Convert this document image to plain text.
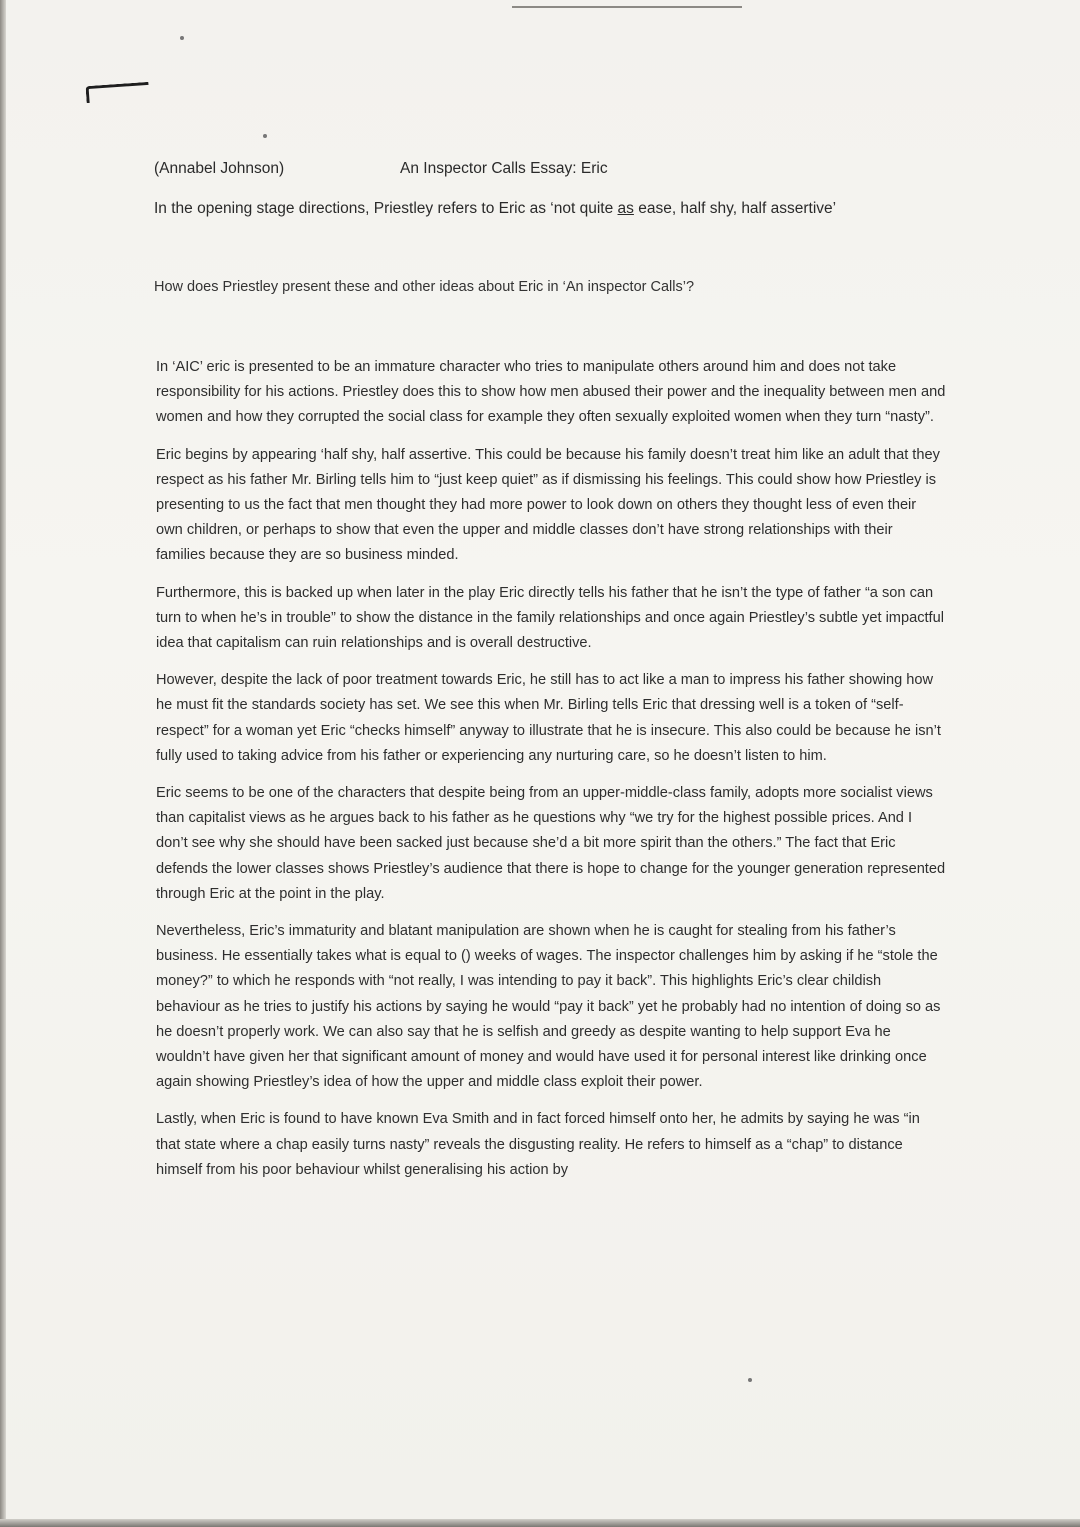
(Annabel Johnson)	An Inspector Calls Essay: Eric
In the opening stage directions, Priestley refers to Eric as ‘not quite as ease, half shy, half assertive’
How does Priestley present these and other ideas about Eric in ‘An inspector Calls’?

In ‘AIC’ eric is presented to be an immature character who tries to manipulate others around him and does not take responsibility for his actions. Priestley does this to show how men abused their power and the inequality between men and women and how they corrupted the social class for example they often sexually exploited women when they turn “nasty”.

Eric begins by appearing ‘half shy, half assertive. This could be because his family doesn’t treat him like an adult that they respect as his father Mr. Birling tells him to “just keep quiet” as if dismissing his feelings. This could show how Priestley is presenting to us the fact that men thought they had more power to look down on others they thought less of even their own children, or perhaps to show that even the upper and middle classes don’t have strong relationships with their families because they are so business minded.

Furthermore, this is backed up when later in the play Eric directly tells his father that he isn’t the type of father “a son can turn to when he’s in trouble” to show the distance in the family relationships and once again Priestley’s subtle yet impactful idea that capitalism can ruin relationships and is overall destructive.

However, despite the lack of poor treatment towards Eric, he still has to act like a man to impress his father showing how he must fit the standards society has set. We see this when Mr. Birling tells Eric that dressing well is a token of “self-respect” for a woman yet Eric “checks himself” anyway to illustrate that he is insecure. This also could be because he isn’t fully used to taking advice from his father or experiencing any nurturing care, so he doesn’t listen to him.

Eric seems to be one of the characters that despite being from an upper-middle-class family, adopts more socialist views than capitalist views as he argues back to his father as he questions why “we try for the highest possible prices. And I don’t see why she should have been sacked just because she’d a bit more spirit than the others.” The fact that Eric defends the lower classes shows Priestley’s audience that there is hope to change for the younger generation represented through Eric at the point in the play.

Nevertheless, Eric’s immaturity and blatant manipulation are shown when he is caught for stealing from his father’s business. He essentially takes what is equal to () weeks of wages. The inspector challenges him by asking if he “stole the money?” to which he responds with “not really, I was intending to pay it back”. This highlights Eric’s clear childish behaviour as he tries to justify his actions by saying he would “pay it back” yet he probably had no intention of doing so as he doesn’t properly work. We can also say that he is selfish and greedy as despite wanting to help support Eva he wouldn’t have given her that significant amount of money and would have used it for personal interest like drinking once again showing Priestley’s idea of how the upper and middle class exploit their power.

Lastly, when Eric is found to have known Eva Smith and in fact forced himself onto her, he admits by saying he was “in that state where a chap easily turns nasty” reveals the disgusting reality. He refers to himself as a “chap” to distance himself from his poor behaviour whilst generalising his action by
